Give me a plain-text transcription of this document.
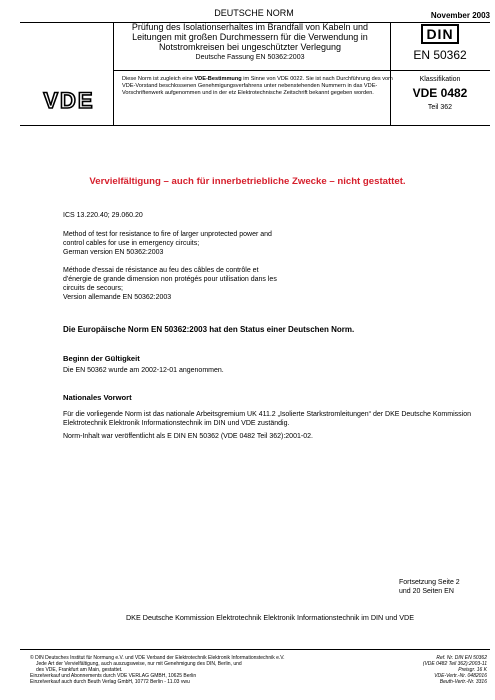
DEUTSCHE NORM	November 2003
Prüfung des Isolationserhaltes im Brandfall von Kabeln und
Leitungen mit großen Durchmessern für die Verwendung in
Notstromkreisen bei ungeschützter Verlegung
Deutsche Fassung EN 50362:2003
DIN
EN 50362
VDE
Diese Norm ist zugleich eine VDE-Bestimmung im Sinne von VDE 0022. Sie ist nach Durchführung des vom VDE-Vorstand beschlossenen Genehmigungsverfahrens unter nebenstehenden Nummern in das VDE-Vorschriftenwerk aufgenommen und in der etz Elektrotechnische Zeitschrift bekannt gegeben worden.
Klassifikation
VDE 0482
Teil 362
Vervielfältigung – auch für innerbetriebliche Zwecke – nicht gestattet.
ICS 13.220.40; 29.060.20
Method of test for resistance to fire of larger unprotected power and
control cables for use in emergency circuits;
German version EN 50362:2003
Méthode d'essai de résistance au feu des câbles de contrôle et
d'énergie de grande dimension non protégés pour utilisation dans les
circuits de secours;
Version allemande EN 50362:2003
Die Europäische Norm EN 50362:2003 hat den Status einer Deutschen Norm.
Beginn der Gültigkeit
Die EN 50362 wurde am 2002-12-01 angenommen.
Nationales Vorwort
Für die vorliegende Norm ist das nationale Arbeitsgremium UK 411.2 „Isolierte Starkstromleitungen“ der DKE Deutsche Kommission Elektrotechnik Elektronik Informationstechnik im DIN und VDE zuständig.
Norm-Inhalt war veröffentlicht als E DIN EN 50362 (VDE 0482 Teil 362):2001-02.
Fortsetzung Seite 2
und 20 Seiten EN
DKE Deutsche Kommission Elektrotechnik Elektronik Informationstechnik im DIN und VDE
© DIN Deutsches Institut für Normung e.V. und VDE Verband der Elektrotechnik Elektronik Informationstechnik e.V.
Jede Art der Vervielfältigung, auch auszugsweise, nur mit Genehmigung des DIN, Berlin, und
des VDE, Frankfurt am Main, gestattet.
Einzelverkauf und Abonnements durch VDE VERLAG GMBH, 10625 Berlin
Einzelverkauf auch durch Beuth Verlag GmbH, 10772 Berlin - 11.03 vwu
Ref. Nr. DIN EN 50362
(VDE 0482 Teil 362):2003-11
Preisgr. 16 K
VDE-Vertr.-Nr. 0482016
Beuth-Vertr.-Nr. 3316
